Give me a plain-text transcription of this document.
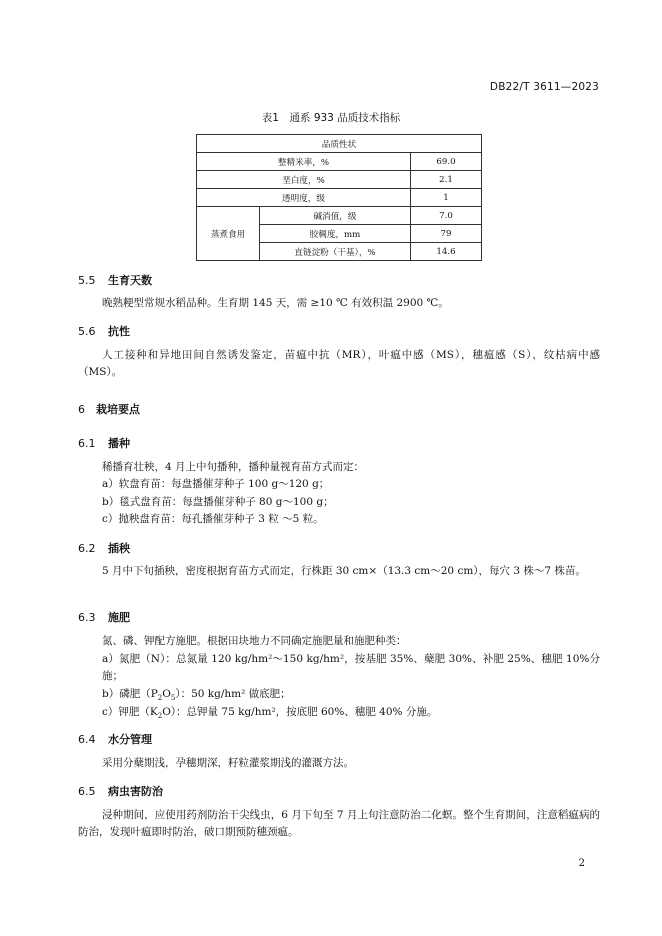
DB22/T 3611—2023
表1　通系 933 品质技术指标
品质性状		
整精米率，%		69.0
垩白度，%		2.1
透明度，级		1
蒸煮食用	碱消值，级	7.0
	胶稠度，mm	79
	直链淀粉（干基），%	14.6
5.5 生育天数
晚熟粳型常规水稻品种。生育期 145 天，需 ≥10 ℃ 有效积温 2900 ℃。
5.6 抗性
人工接种和异地田间自然诱发鉴定，苗瘟中抗（MR），叶瘟中感（MS），穗瘟感（S），纹枯病中感（MS）。
6 栽培要点
6.1 播种
稀播育壮秧，4 月上中旬播种，播种量视育苗方式而定：
a）软盘育苗：每盘播催芽种子 100 g～120 g；
b）毯式盘育苗：每盘播催芽种子 80 g～100 g；
c）抛秧盘育苗：每孔播催芽种子 3 粒 ～5 粒。
6.2 插秧
5 月中下旬插秧，密度根据育苗方式而定，行株距 30 cm×（13.3 cm～20 cm），每穴 3 株～7 株苗。
6.3 施肥
氮、磷、钾配方施肥。根据田块地力不同确定施肥量和施肥种类：
a）氮肥（N）：总氮量 120 kg/hm²～150 kg/hm²，按基肥 35%、蘖肥 30%、补肥 25%、穗肥 10%分施；
b）磷肥$(P_2O_5)$：50 kg/hm² 做底肥；
c）钾肥$(K_2O)$：总钾量 75 kg/hm²，按底肥 60%、穗肥 40% 分施。
6.4 水分管理
采用分蘖期浅，孕穗期深，籽粒灌浆期浅的灌溉方法。
6.5 病虫害防治
浸种期间，应使用药剂防治干尖线虫，6 月下旬至 7 月上旬注意防治二化螟。整个生育期间，注意稻瘟病的防治，发现叶瘟即时防治，破口期预防穗颈瘟。
2
